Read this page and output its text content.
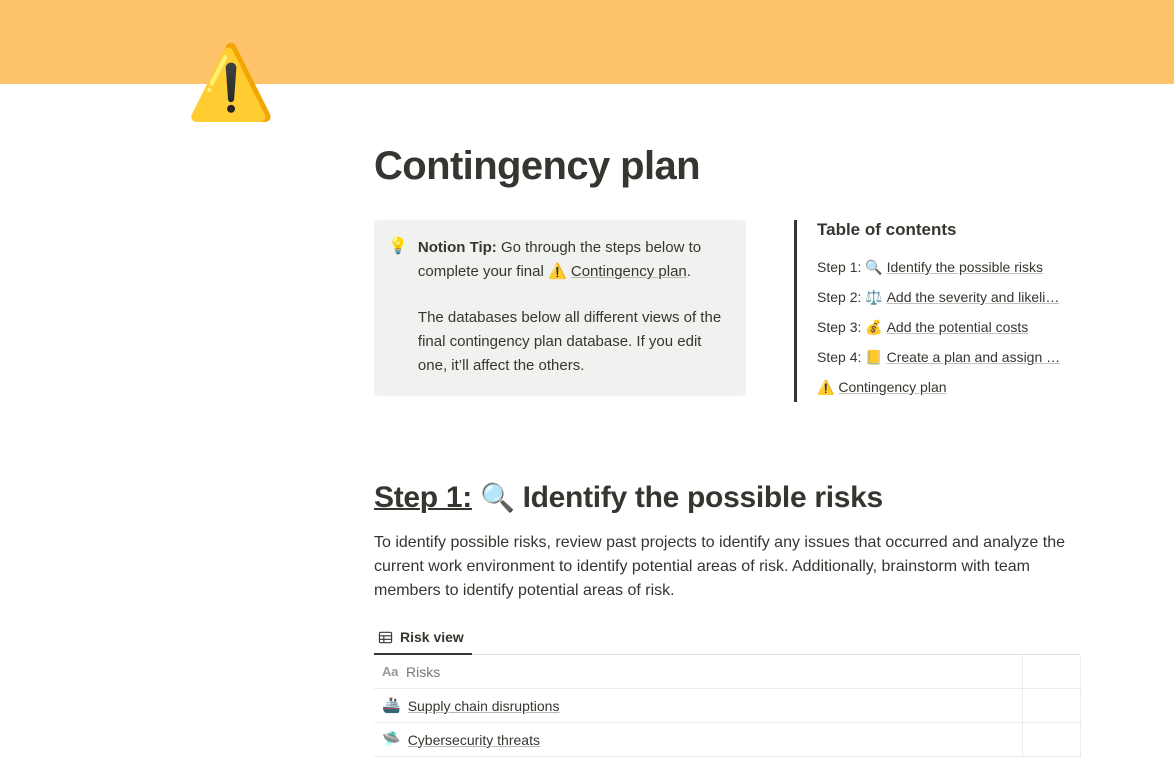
⚠️
Contingency plan
💡 Notion Tip: Go through the steps below to complete your final ⚠️ Contingency plan.

The databases below all different views of the final contingency plan database. If you edit one, it’ll affect the others.

Table of contents
Step 1: 🔍 Identify the possible risks
Step 2: ⚖️ Add the severity and likeli…
Step 3: 💰 Add the potential costs
Step 4: 📒 Create a plan and assign …
⚠️ Contingency plan
Step 1: 🔍 Identify the possible risks

To identify possible risks, review past projects to identify any issues that occurred and analyze the current work environment to identify potential areas of risk. Additionally, brainstorm with team members to identify potential areas of risk.

Risk view
Aa Risks	

🚢 Supply chain disruptions	

🛸 Cybersecurity threats	
